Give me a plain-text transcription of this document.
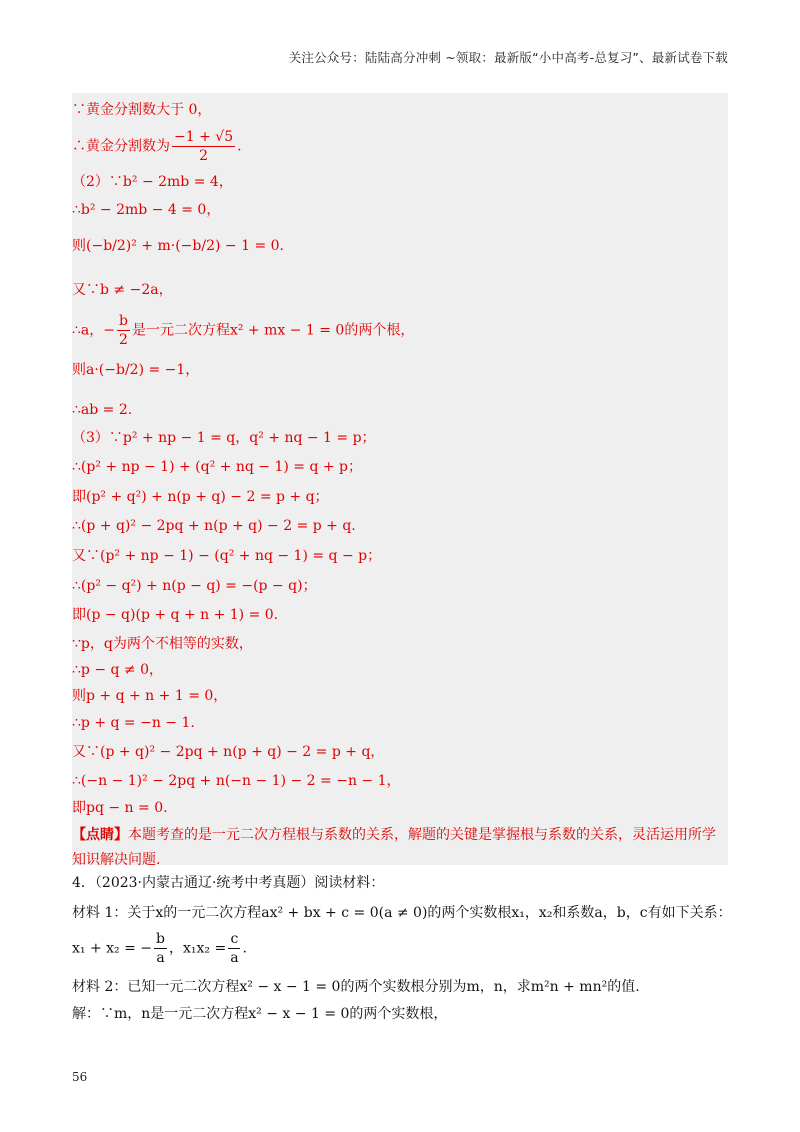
关注公众号：陆陆高分冲刺 ~领取：最新版“小中高考-总复习”、最新试卷下载
∵黄金分割数大于 0，
∴黄金分割数为 $\frac{-1 + √5}{2}$ .
（2）∵b² − 2mb = 4，
∴b² − 2mb − 4 = 0，
则(−b/2)² + m·(−b/2) − 1 = 0.
又∵b ≠ −2a，
∴a，− $\frac{b}{2}$ 是一元二次方程x² + mx − 1 = 0的两个根，
则a·(−b/2) = −1，
∴ab = 2.
（3）∵p² + np − 1 = q，q² + nq − 1 = p；
∴(p² + np − 1) + (q² + nq − 1) = q + p；
即(p² + q²) + n(p + q) − 2 = p + q；
∴(p + q)² − 2pq + n(p + q) − 2 = p + q.
又∵(p² + np − 1) − (q² + nq − 1) = q − p；
∴(p² − q²) + n(p − q) = −(p − q)；
即(p − q)(p + q + n + 1) = 0.
∵p，q为两个不相等的实数，
∴p − q ≠ 0，
则p + q + n + 1 = 0，
∴p + q = −n − 1.
又∵(p + q)² − 2pq + n(p + q) − 2 = p + q，
∴(−n − 1)² − 2pq + n(−n − 1) − 2 = −n − 1，
即pq − n = 0.
【点睛】本题考查的是一元二次方程根与系数的关系，解题的关键是掌握根与系数的关系，灵活运用所学
知识解决问题.
4．（2023·内蒙古通辽·统考中考真题）阅读材料：
材料 1：关于x的一元二次方程ax² + bx + c = 0(a ≠ 0)的两个实数根x₁，x₂和系数a，b，c有如下关系：
x₁ + x₂ = − $\frac{b}{a}$ ，$x_1x_2 = \frac{c}{a}$ .
材料 2：已知一元二次方程x² − x − 1 = 0的两个实数根分别为m，n，求m²n + mn²的值.
解：∵m，n是一元二次方程x² − x − 1 = 0的两个实数根，
56
